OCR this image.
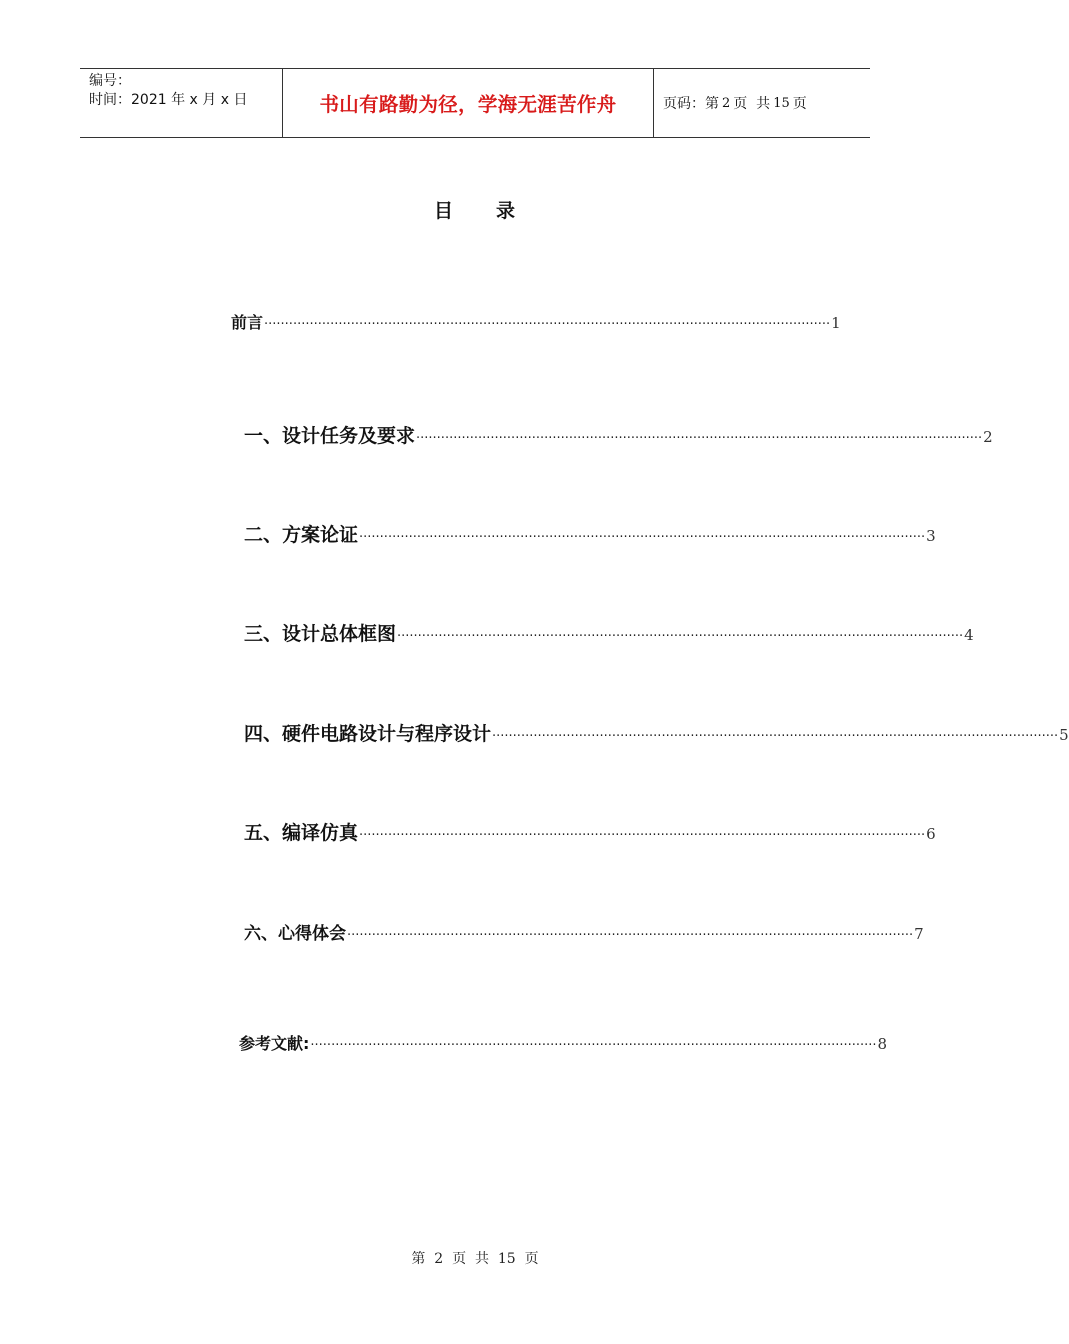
编号：
时间：2021 年 x 月 x 日	书山有路勤为径，学海无涯苦作舟	页码：第 2 页  共 15 页
目 录
前言 ········································································································································· 1
一、设计任务及要求 ········································································································································· 2
二、方案论证 ········································································································································· 3
三、设计总体框图 ········································································································································· 4
四、硬件电路设计与程序设计 ········································································································································· 5
五、编译仿真 ········································································································································· 6
六、心得体会 ········································································································································· 7
参考文献: ········································································································································· 8
第  2  页  共  15  页
